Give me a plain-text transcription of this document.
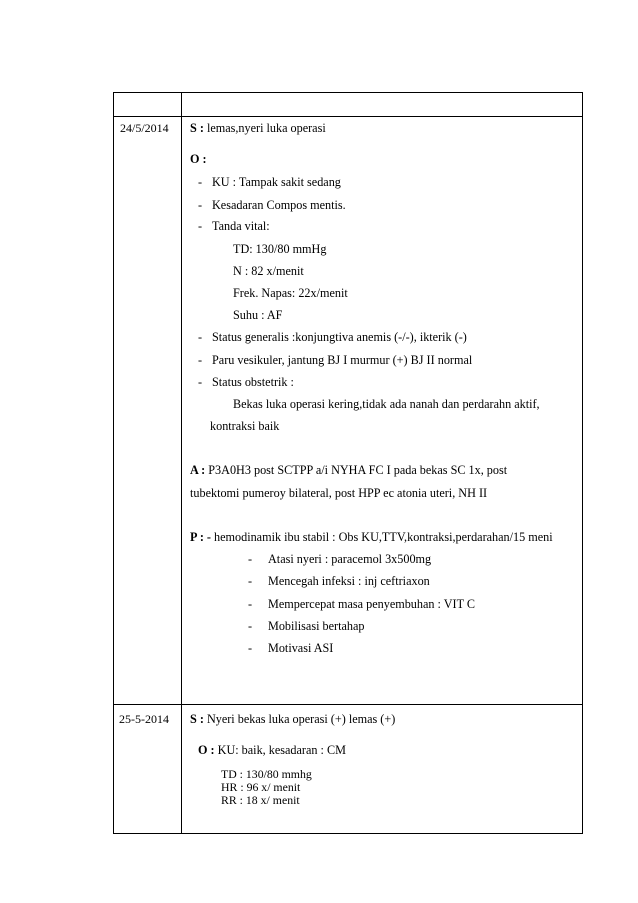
24/5/2014 S : lemas,nyeri luka operasi
O :
- KU : Tampak sakit sedang
- Kesadaran Compos mentis.
- Tanda vital:
TD: 130/80 mmHg
N : 82 x/menit
Frek. Napas: 22x/menit
Suhu : AF
- Status generalis :konjungtiva anemis (-/-), ikterik (-)
- Paru vesikuler, jantung BJ I murmur (+) BJ II normal
- Status obstetrik :
Bekas luka operasi kering,tidak ada nanah dan perdarahn aktif,
kontraksi baik
A : P3A0H3 post SCTPP a/i NYHA FC I pada bekas SC 1x, post
tubektomi pumeroy bilateral, post HPP ec atonia uteri, NH II
P : - hemodinamik ibu stabil : Obs KU,TTV,kontraksi,perdarahan/15 meni
- Atasi nyeri : paracemol 3x500mg
- Mencegah infeksi : inj ceftriaxon
- Mempercepat masa penyembuhan : VIT C
- Mobilisasi bertahap
- Motivasi ASI
25-5-2014 S : Nyeri bekas luka operasi (+) lemas (+)
O : KU: baik, kesadaran : CM
TD : 130/80 mmhg
HR : 96 x/ menit
RR : 18 x/ menit
